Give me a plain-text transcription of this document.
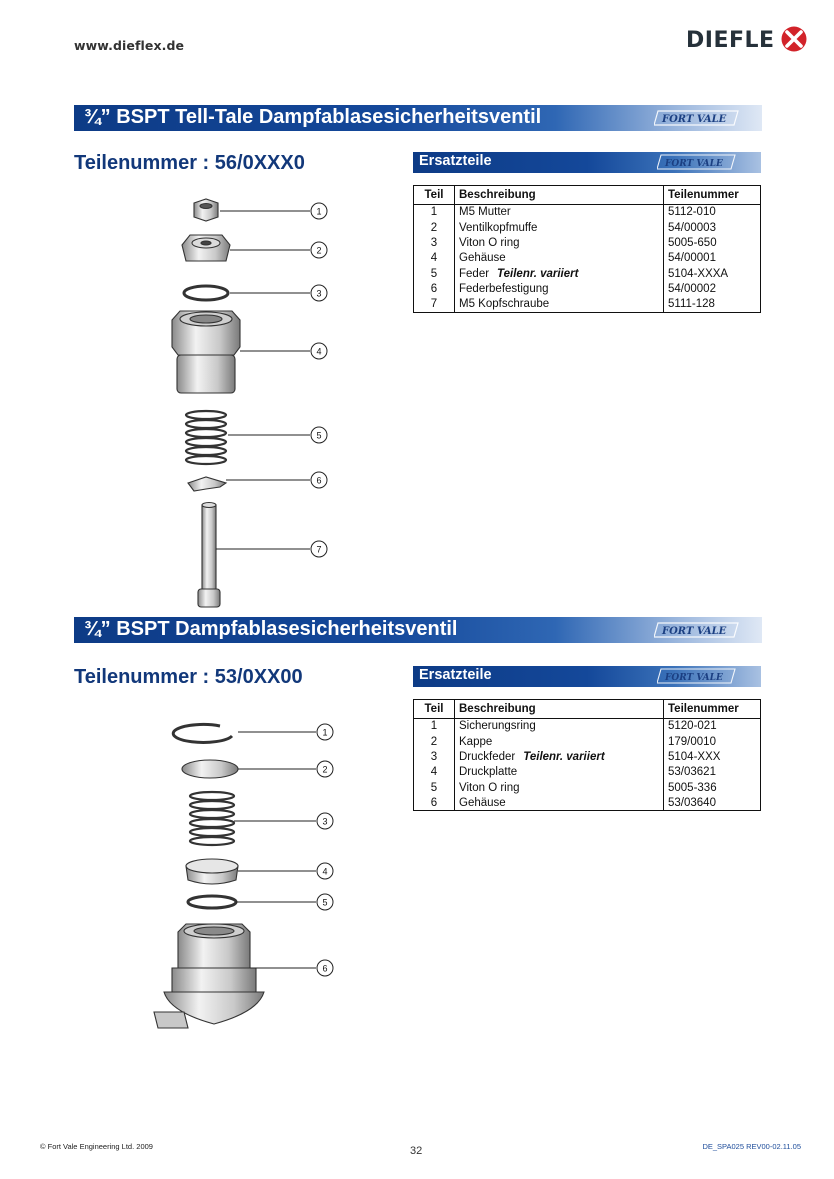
www.dieflex.de	DIEFLE
¾” BSPT Tell-Tale Dampfablasesicherheitsventil	FORT VALE
Teilenummer : 56/0XXX0	Ersatzteile	FORT VALE
Teil	Beschreibung	Teilenummer
1	M5 Mutter	5112-010
2	Ventilkopfmuffe	54/00003
3	Viton O ring	5005-650
4	Gehäuse	54/00001
5	Feder Teilenr. variiert	5104-XXXA
6	Federbefestigung	54/00002
7	M5 Kopfschraube	5111-128
1
2
3
4
5
6
7
¾” BSPT Dampfablasesicherheitsventil	FORT VALE
Teilenummer : 53/0XX00	Ersatzteile	FORT VALE
Teil	Beschreibung	Teilenummer
1	Sicherungsring	5120-021
2	Kappe	179/0010
3	Druckfeder Teilenr. variiert	5104-XXX
4	Druckplatte	53/03621
5	Viton O ring	5005-336
6	Gehäuse	53/03640
1
2
3
4
5
6
© Fort Vale Engineering Ltd. 2009	32	DE_SPA025 REV00-02.11.05
